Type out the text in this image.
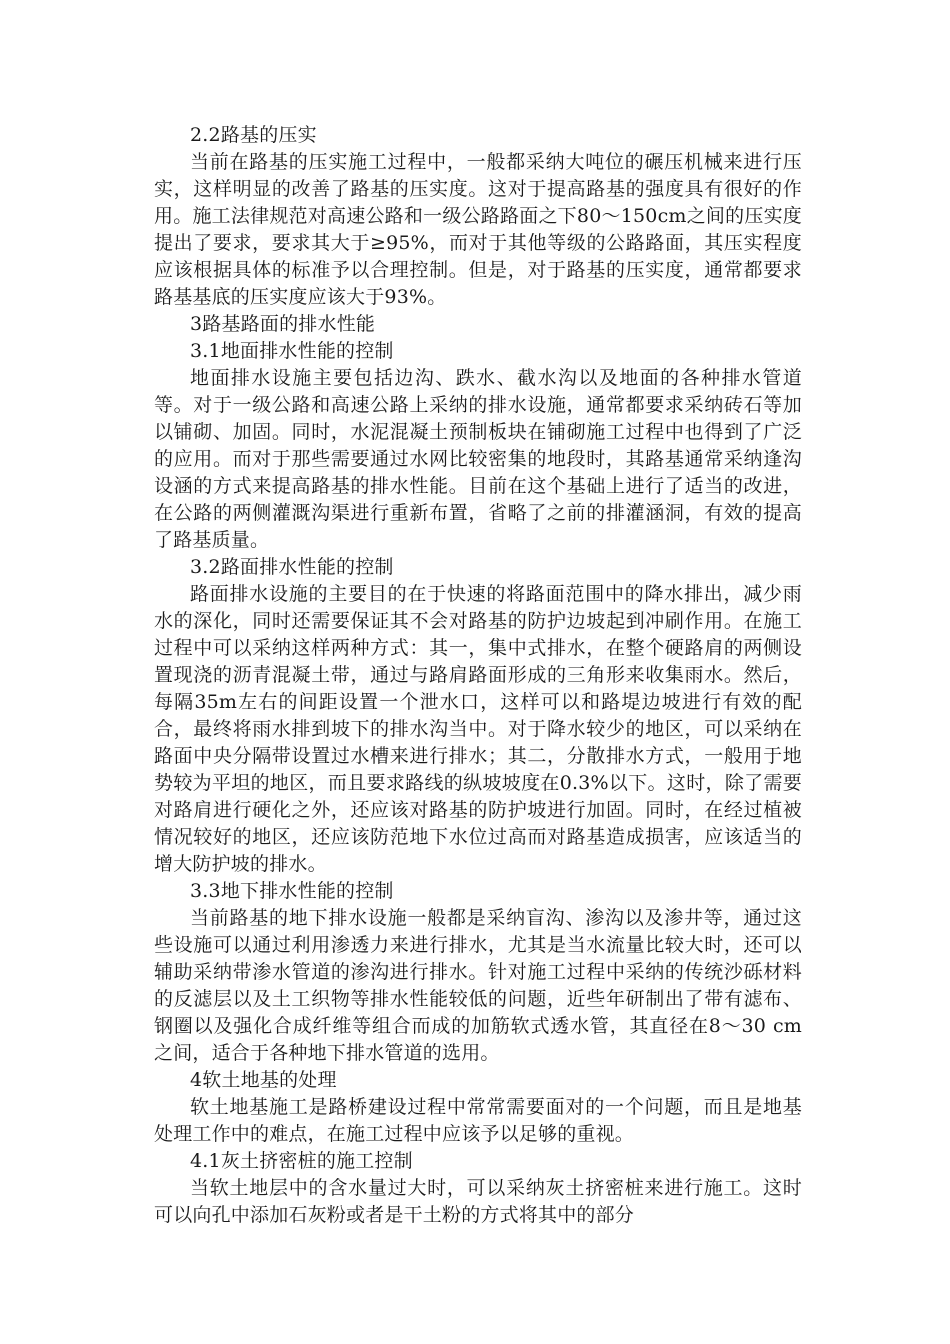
2.2路基的压实

当前在路基的压实施工过程中，一般都采纳大吨位的碾压机械来进行压实，这样明显的改善了路基的压实度。这对于提高路基的强度具有很好的作用。施工法律规范对高速公路和一级公路路面之下80～150cm之间的压实度提出了要求，要求其大于≥95%，而对于其他等级的公路路面，其压实程度应该根据具体的标准予以合理控制。但是，对于路基的压实度，通常都要求路基基底的压实度应该大于93%。

3路基路面的排水性能

3.1地面排水性能的控制

地面排水设施主要包括边沟、跌水、截水沟以及地面的各种排水管道等。对于一级公路和高速公路上采纳的排水设施，通常都要求采纳砖石等加以铺砌、加固。同时，水泥混凝土预制板块在铺砌施工过程中也得到了广泛的应用。而对于那些需要通过水网比较密集的地段时，其路基通常采纳逢沟设涵的方式来提高路基的排水性能。目前在这个基础上进行了适当的改进，在公路的两侧灌溉沟渠进行重新布置，省略了之前的排灌涵洞，有效的提高了路基质量。

3.2路面排水性能的控制

路面排水设施的主要目的在于快速的将路面范围中的降水排出，减少雨水的深化，同时还需要保证其不会对路基的防护边坡起到冲刷作用。在施工过程中可以采纳这样两种方式：其一，集中式排水，在整个硬路肩的两侧设置现浇的沥青混凝土带，通过与路肩路面形成的三角形来收集雨水。然后，每隔35m左右的间距设置一个泄水口，这样可以和路堤边坡进行有效的配合，最终将雨水排到坡下的排水沟当中。对于降水较少的地区，可以采纳在路面中央分隔带设置过水槽来进行排水；其二，分散排水方式，一般用于地势较为平坦的地区，而且要求路线的纵坡坡度在0.3%以下。这时，除了需要对路肩进行硬化之外，还应该对路基的防护坡进行加固。同时，在经过植被情况较好的地区，还应该防范地下水位过高而对路基造成损害，应该适当的增大防护坡的排水。

3.3地下排水性能的控制

当前路基的地下排水设施一般都是采纳盲沟、渗沟以及渗井等，通过这些设施可以通过利用渗透力来进行排水，尤其是当水流量比较大时，还可以辅助采纳带渗水管道的渗沟进行排水。针对施工过程中采纳的传统沙砾材料的反滤层以及土工织物等排水性能较低的问题，近些年研制出了带有滤布、钢圈以及强化合成纤维等组合而成的加筋软式透水管，其直径在8～30 cm之间，适合于各种地下排水管道的选用。

4软土地基的处理

软土地基施工是路桥建设过程中常常需要面对的一个问题，而且是地基处理工作中的难点，在施工过程中应该予以足够的重视。

4.1灰土挤密桩的施工控制

当软土地层中的含水量过大时，可以采纳灰土挤密桩来进行施工。这时可以向孔中添加石灰粉或者是干土粉的方式将其中的部分
